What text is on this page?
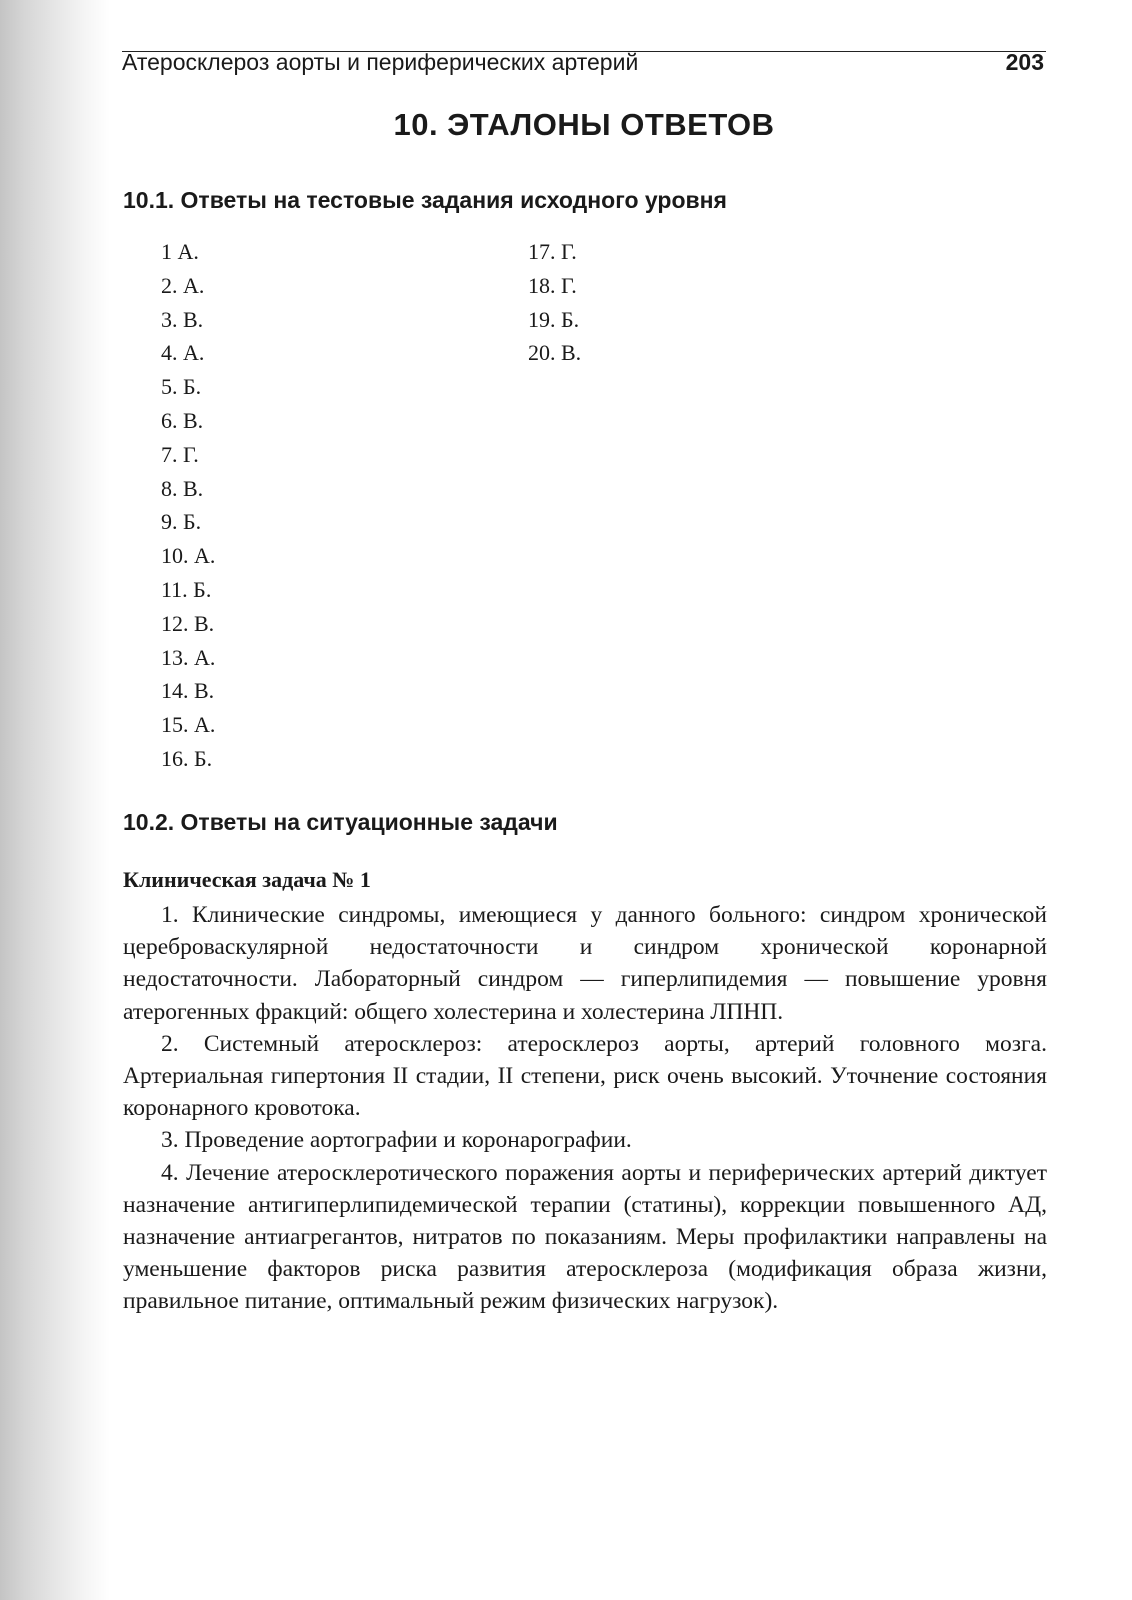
Атеросклероз аорты и периферических артерий	203
10. ЭТАЛОНЫ ОТВЕТОВ
10.1. Ответы на тестовые задания исходного уровня
1 А.
2. А.
3. В.
4. А.
5. Б.
6. В.
7. Г.
8. В.
9. Б.
10. А.
11. Б.
12. В.
13. А.
14. В.
15. А.
16. Б.
17. Г.
18. Г.
19. Б.
20. В.
10.2. Ответы на ситуационные задачи
Клиническая задача № 1

1. Клинические синдромы, имеющиеся у данного больного: синдром хронической цереброваскулярной недостаточности и синдром хронической коронарной недостаточности. Лабораторный синдром — гиперлипидемия — повышение уровня атерогенных фракций: общего холестерина и холестерина ЛПНП.

2. Системный атеросклероз: атеросклероз аорты, артерий головного мозга. Артериальная гипертония II стадии, II степени, риск очень высокий. Уточнение состояния коронарного кровотока.

3. Проведение аортографии и коронарографии.

4. Лечение атеросклеротического поражения аорты и периферических артерий диктует назначение антигиперлипидемической терапии (статины), коррекции повышенного АД, назначение антиагрегантов, нитратов по показаниям. Меры профилактики направлены на уменьшение факторов риска развития атеросклероза (модификация образа жизни, правильное питание, оптимальный режим физических нагрузок).
